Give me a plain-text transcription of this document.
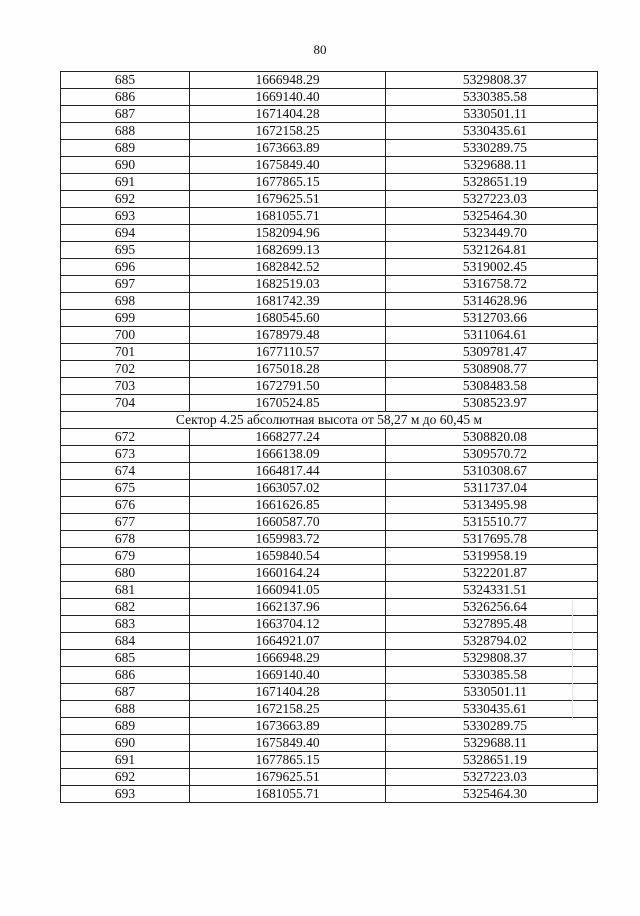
80
685	1666948.29	5329808.37
686	1669140.40	5330385.58
687	1671404.28	5330501.11
688	1672158.25	5330435.61
689	1673663.89	5330289.75
690	1675849.40	5329688.11
691	1677865.15	5328651.19
692	1679625.51	5327223.03
693	1681055.71	5325464.30
694	1582094.96	5323449.70
695	1682699.13	5321264.81
696	1682842.52	5319002.45
697	1682519.03	5316758.72
698	1681742.39	5314628.96
699	1680545.60	5312703.66
700	1678979.48	5311064.61
701	1677110.57	5309781.47
702	1675018.28	5308908.77
703	1672791.50	5308483.58
704	1670524.85	5308523.97
Сектор 4.25 абсолютная высота от 58,27 м до 60,45 м		
672	1668277.24	5308820.08
673	1666138.09	5309570.72
674	1664817.44	5310308.67
675	1663057.02	5311737.04
676	1661626.85	5313495.98
677	1660587.70	5315510.77
678	1659983.72	5317695.78
679	1659840.54	5319958.19
680	1660164.24	5322201.87
681	1660941.05	5324331.51
682	1662137.96	5326256.64
683	1663704.12	5327895.48
684	1664921.07	5328794.02
685	1666948.29	5329808.37
686	1669140.40	5330385.58
687	1671404.28	5330501.11
688	1672158.25	5330435.61
689	1673663.89	5330289.75
690	1675849.40	5329688.11
691	1677865.15	5328651.19
692	1679625.51	5327223.03
693	1681055.71	5325464.30
